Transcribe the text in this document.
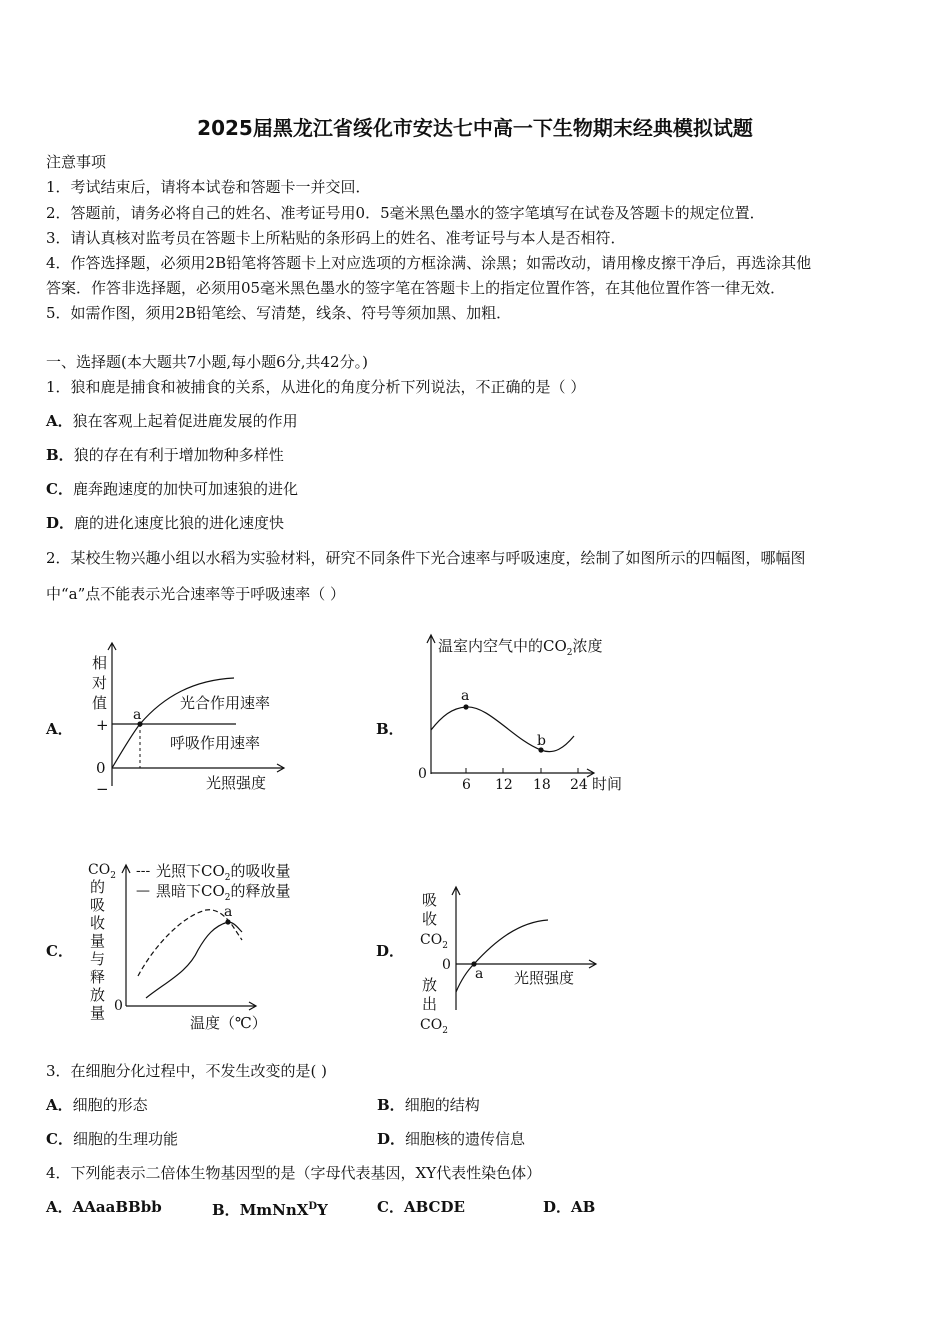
2025届黑龙江省绥化市安达七中高一下生物期末经典模拟试题
注意事项
1．考试结束后，请将本试卷和答题卡一并交回．
2．答题前，请务必将自己的姓名、准考证号用0．5毫米黑色墨水的签字笔填写在试卷及答题卡的规定位置．
3．请认真核对监考员在答题卡上所粘贴的条形码上的姓名、准考证号与本人是否相符．
4．作答选择题，必须用2B铅笔将答题卡上对应选项的方框涂满、涂黑；如需改动，请用橡皮擦干净后，再选涂其他
答案．作答非选择题，必须用05毫米黑色墨水的签字笔在答题卡上的指定位置作答，在其他位置作答一律无效．
5．如需作图，须用2B铅笔绘、写清楚，线条、符号等须加黑、加粗．
一、选择题(本大题共7小题,每小题6分,共42分。)
1．狼和鹿是捕食和被捕食的关系，从进化的角度分析下列说法，不正确的是（ ）
A．狼在客观上起着促进鹿发展的作用
B．狼的存在有利于增加物种多样性
C．鹿奔跑速度的加快可加速狼的进化
D．鹿的进化速度比狼的进化速度快
2．某校生物兴趣小组以水稻为实验材料，研究不同条件下光合速率与呼吸速度，绘制了如图所示的四幅图，哪幅图
中“a”点不能表示光合速率等于呼吸速率（ ）
A．
相
对
值
+
0
−
a
光合作用速率
呼吸作用速率
光照强度
B．
温室内空气中的$CO_2$浓度
0
6 12 18 24 时间
a
b
C．
$CO_2$
的
吸
收
量
与
释
放
量 0
--- 光照下$CO_2$的吸收量
— 黑暗下$CO_2$的释放量
a
温度（℃）
D．
吸
收
$CO_2$
0
a 光照强度
放
出
$CO_2$
3．在细胞分化过程中，不发生改变的是( )
A．细胞的形态	B．细胞的结构
C．细胞的生理功能	D．细胞核的遗传信息
4．下列能表示二倍体生物基因型的是（字母代表基因，XY代表性染色体）
A．AAaaBBbb	B．MmNnX$^D$Y	C．ABCDE	D．AB
